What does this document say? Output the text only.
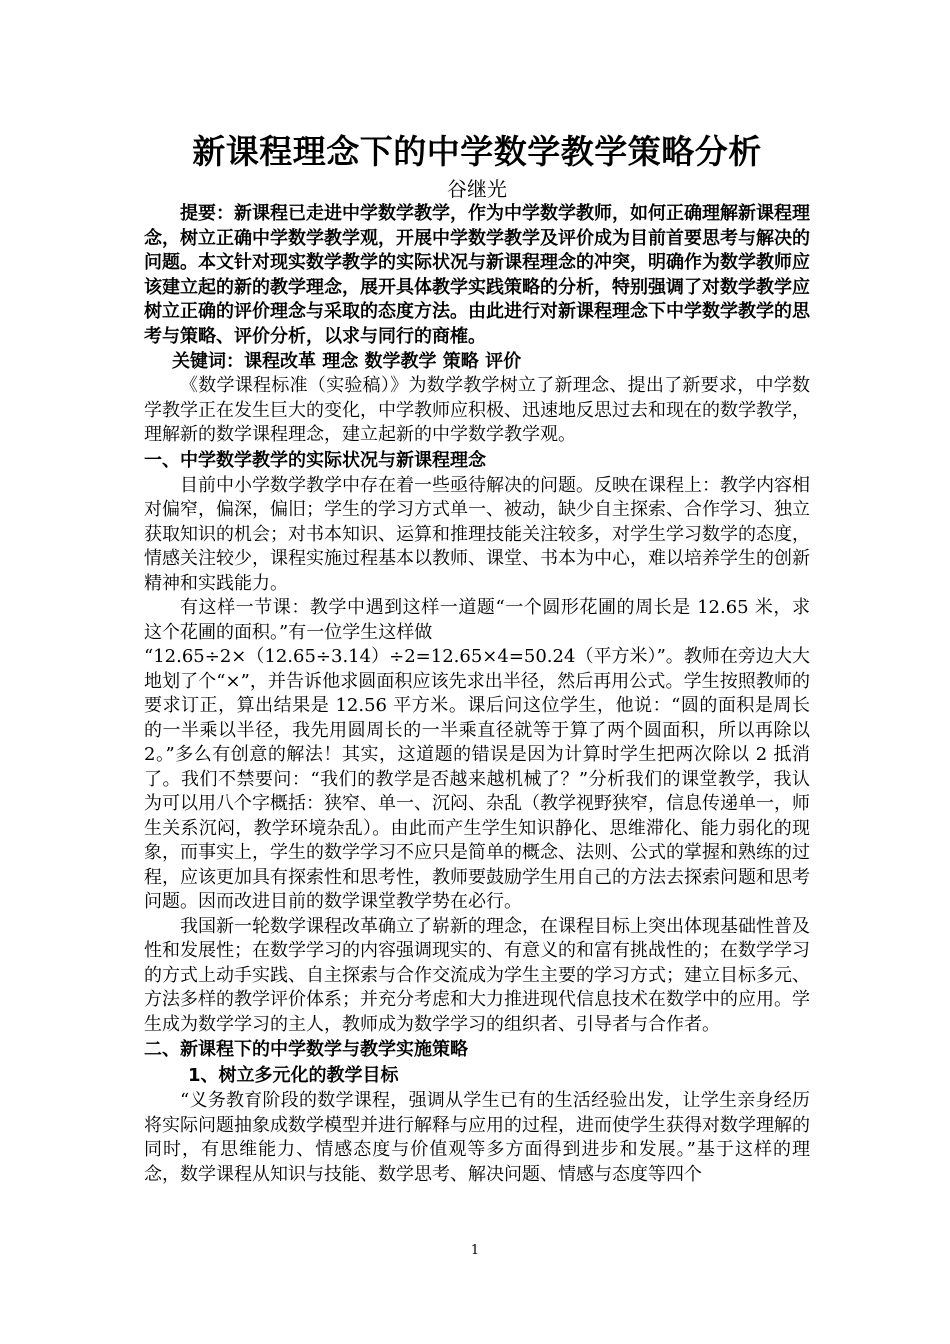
新课程理念下的中学数学教学策略分析

谷继光

提要：新课程已走进中学数学教学，作为中学数学教师，如何正确理解新课程理念，树立正确中学数学教学观，开展中学数学教学及评价成为目前首要思考与解决的问题。本文针对现实数学教学的实际状况与新课程理念的冲突，明确作为数学教师应该建立起的新的教学理念，展开具体教学实践策略的分析，特别强调了对数学教学应树立正确的评价理念与采取的态度方法。由此进行对新课程理念下中学数学教学的思考与策略、评价分析，以求与同行的商榷。

关键词：课程改革 理念 数学教学 策略 评价

《数学课程标准（实验稿）》为数学教学树立了新理念、提出了新要求，中学数学教学正在发生巨大的变化，中学教师应积极、迅速地反思过去和现在的数学教学，理解新的数学课程理念，建立起新的中学数学教学观。

一、中学数学教学的实际状况与新课程理念

目前中小学数学教学中存在着一些亟待解决的问题。反映在课程上：教学内容相对偏窄，偏深，偏旧；学生的学习方式单一、被动，缺少自主探索、合作学习、独立获取知识的机会；对书本知识、运算和推理技能关注较多，对学生学习数学的态度，情感关注较少，课程实施过程基本以教师、课堂、书本为中心，难以培养学生的创新精神和实践能力。

有这样一节课：教学中遇到这样一道题“一个圆形花圃的周长是 12.65 米，求这个花圃的面积。”有一位学生这样做

“12.65÷2×（12.65÷3.14）÷2=12.65×4=50.24（平方米）”。教师在旁边大大地划了个“×”，并告诉他求圆面积应该先求出半径，然后再用公式。学生按照教师的要求订正，算出结果是 12.56 平方米。课后问这位学生，他说：“圆的面积是周长的一半乘以半径，我先用圆周长的一半乘直径就等于算了两个圆面积，所以再除以 2。”多么有创意的解法！其实，这道题的错误是因为计算时学生把两次除以 2 抵消了。我们不禁要问：“我们的教学是否越来越机械了？”分析我们的课堂教学，我认为可以用八个字概括：狭窄、单一、沉闷、杂乱（教学视野狭窄，信息传递单一，师生关系沉闷，教学环境杂乱）。由此而产生学生知识静化、思维滞化、能力弱化的现象，而事实上，学生的数学学习不应只是简单的概念、法则、公式的掌握和熟练的过程，应该更加具有探索性和思考性，教师要鼓励学生用自己的方法去探索问题和思考问题。因而改进目前的数学课堂教学势在必行。

我国新一轮数学课程改革确立了崭新的理念，在课程目标上突出体现基础性普及性和发展性；在数学学习的内容强调现实的、有意义的和富有挑战性的；在数学学习的方式上动手实践、自主探索与合作交流成为学生主要的学习方式；建立目标多元、方法多样的教学评价体系；并充分考虑和大力推进现代信息技术在数学中的应用。学生成为数学学习的主人，教师成为数学学习的组织者、引导者与合作者。

二、新课程下的中学数学与教学实施策略

1、树立多元化的教学目标

“义务教育阶段的数学课程，强调从学生已有的生活经验出发，让学生亲身经历将实际问题抽象成数学模型并进行解释与应用的过程，进而使学生获得对数学理解的同时，有思维能力、情感态度与价值观等多方面得到进步和发展。”基于这样的理念，数学课程从知识与技能、数学思考、解决问题、情感与态度等四个

1
